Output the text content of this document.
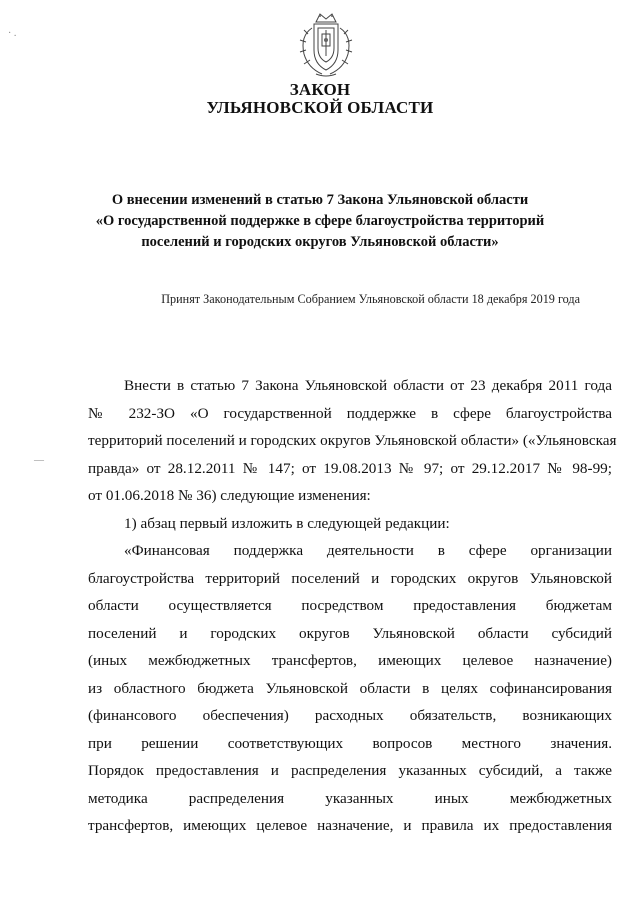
ЗАКОН
УЛЬЯНОВСКОЙ ОБЛАСТИ
О внесении изменений в статью 7 Закона Ульяновской области
«О государственной поддержке в сфере благоустройства территорий
поселений и городских округов Ульяновской области»
Принят Законодательным Собранием Ульяновской области 18 декабря 2019 года
· .
—
Внести в статью 7 Закона Ульяновской области от 23 декабря 2011 года
№ 232-ЗО «О государственной поддержке в сфере благоустройства
территорий поселений и городских округов Ульяновской области» («Ульяновская
правда» от 28.12.2011 № 147; от 19.08.2013 № 97; от 29.12.2017 № 98-99;
от 01.06.2018 № 36) следующие изменения:
1) абзац первый изложить в следующей редакции:
«Финансовая поддержка деятельности в сфере организации
благоустройства территорий поселений и городских округов Ульяновской
области осуществляется посредством предоставления бюджетам
поселений и городских округов Ульяновской области субсидий
(иных межбюджетных трансфертов, имеющих целевое назначение)
из областного бюджета Ульяновской области в целях софинансирования
(финансового обеспечения) расходных обязательств, возникающих
при решении соответствующих вопросов местного значения.
Порядок предоставления и распределения указанных субсидий, а также
методика распределения указанных иных межбюджетных
трансфертов, имеющих целевое назначение, и правила их предоставления
